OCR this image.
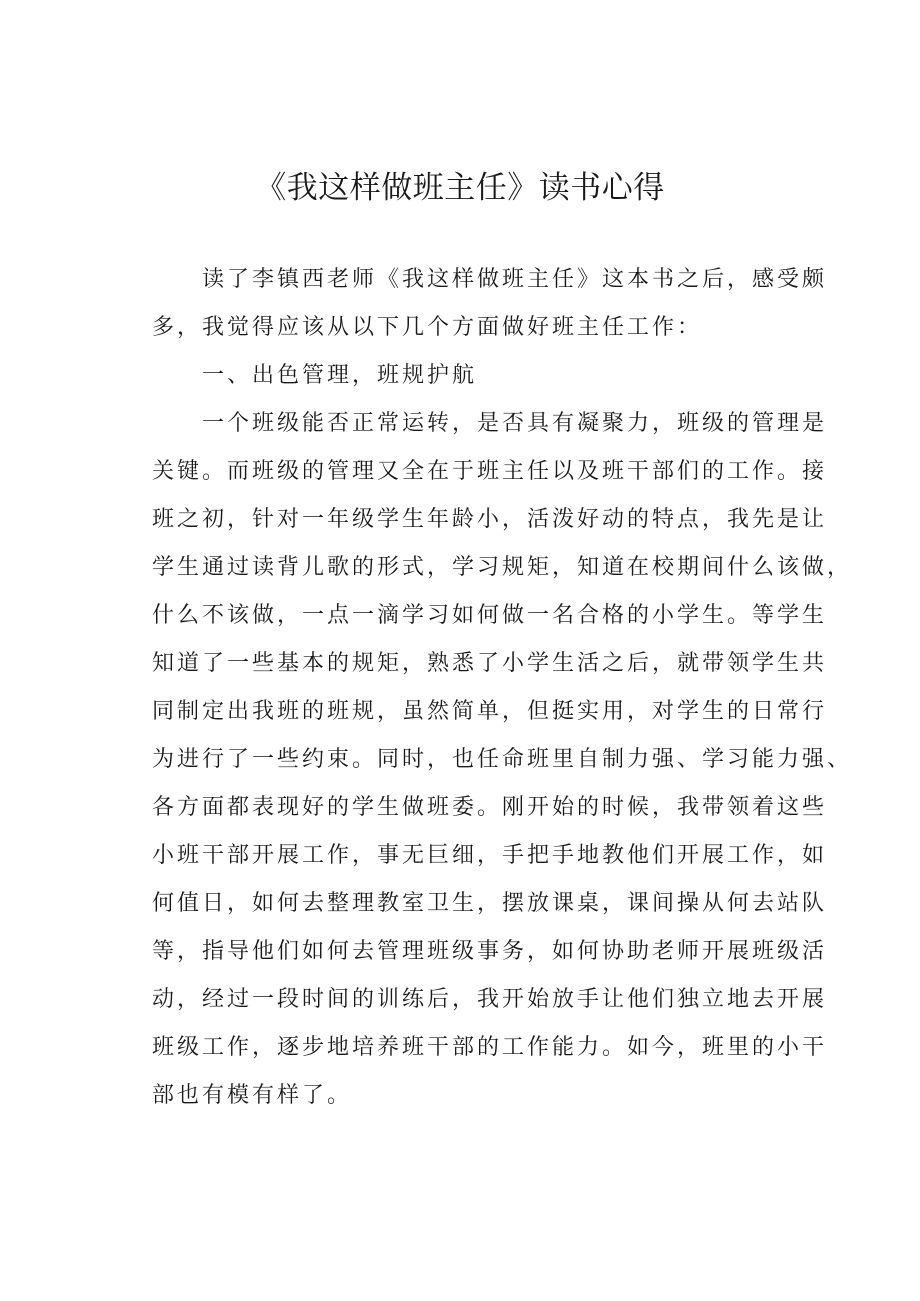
《我这样做班主任》读书心得
读了李镇西老师《我这样做班主任》这本书之后，感受颇
多，我觉得应该从以下几个方面做好班主任工作：
一、出色管理，班规护航
一个班级能否正常运转，是否具有凝聚力，班级的管理是
关键。而班级的管理又全在于班主任以及班干部们的工作。接
班之初，针对一年级学生年龄小，活泼好动的特点，我先是让
学生通过读背儿歌的形式，学习规矩，知道在校期间什么该做，
什么不该做，一点一滴学习如何做一名合格的小学生。等学生
知道了一些基本的规矩，熟悉了小学生活之后，就带领学生共
同制定出我班的班规，虽然简单，但挺实用，对学生的日常行
为进行了一些约束。同时，也任命班里自制力强、学习能力强、
各方面都表现好的学生做班委。刚开始的时候，我带领着这些
小班干部开展工作，事无巨细，手把手地教他们开展工作，如
何值日，如何去整理教室卫生，摆放课桌，课间操从何去站队
等，指导他们如何去管理班级事务，如何协助老师开展班级活
动，经过一段时间的训练后，我开始放手让他们独立地去开展
班级工作，逐步地培养班干部的工作能力。如今，班里的小干
部也有模有样了。
